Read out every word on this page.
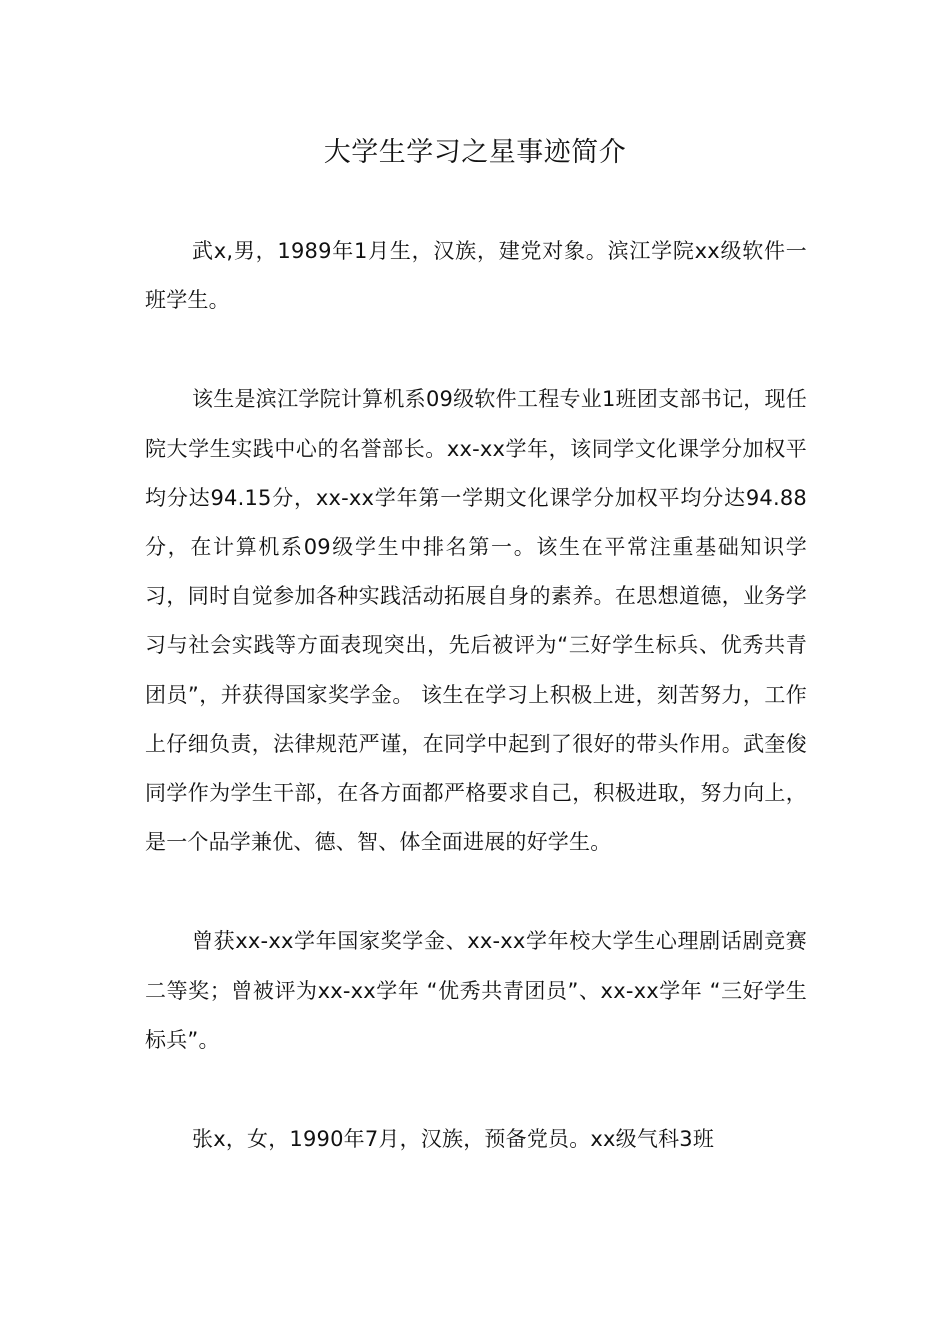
大学生学习之星事迹简介

武x,男，1989年1月生，汉族，建党对象。滨江学院xx级软件一班学生。

该生是滨江学院计算机系09级软件工程专业1班团支部书记，现任院大学生实践中心的名誉部长。xx-xx学年，该同学文化课学分加权平均分达94.15分，xx-xx学年第一学期文化课学分加权平均分达94.88分，在计算机系09级学生中排名第一。该生在平常注重基础知识学习，同时自觉参加各种实践活动拓展自身的素养。在思想道德，业务学习与社会实践等方面表现突出，先后被评为“三好学生标兵、优秀共青团员”，并获得国家奖学金。 该生在学习上积极上进，刻苦努力，工作上仔细负责，法律规范严谨，在同学中起到了很好的带头作用。武奎俊同学作为学生干部，在各方面都严格要求自己，积极进取，努力向上，是一个品学兼优、德、智、体全面进展的好学生。

曾获xx-xx学年国家奖学金、xx-xx学年校大学生心理剧话剧竞赛二等奖；曾被评为xx-xx学年 “优秀共青团员”、xx-xx学年 “三好学生标兵”。

张x，女，1990年7月，汉族，预备党员。xx级气科3班
